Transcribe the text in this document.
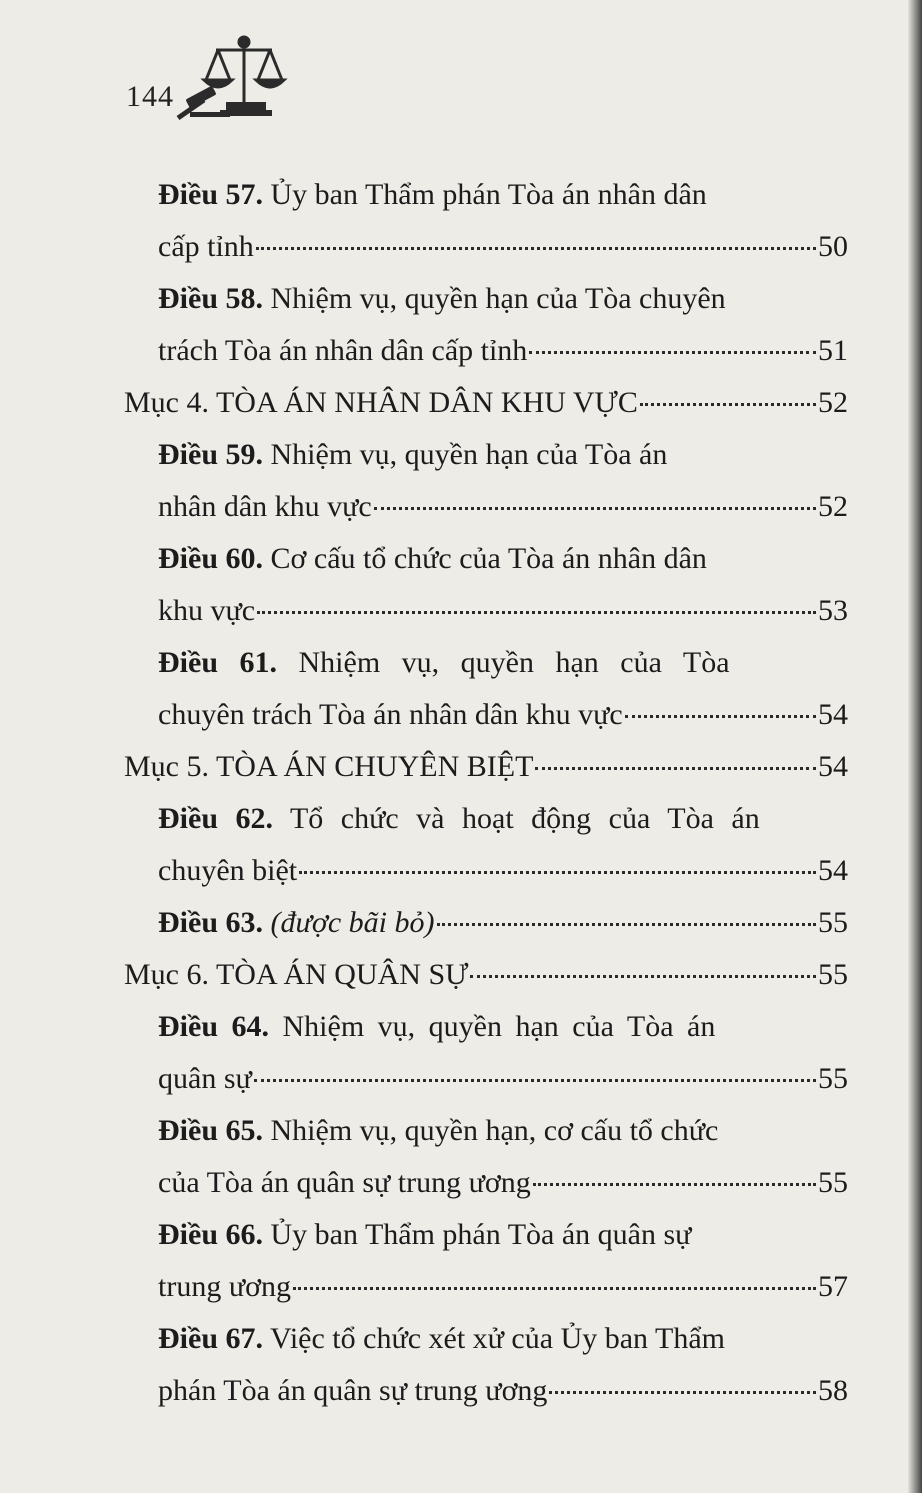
144
Điều 57. Ủy ban Thẩm phán Tòa án nhân dân
cấp tỉnh	50
Điều 58. Nhiệm vụ, quyền hạn của Tòa chuyên
trách Tòa án nhân dân cấp tỉnh	51
Mục 4. TÒA ÁN NHÂN DÂN KHU VỰC	52
Điều 59. Nhiệm vụ, quyền hạn của Tòa án
nhân dân khu vực	52
Điều 60. Cơ cấu tổ chức của Tòa án nhân dân
khu vực	53
Điều 61. Nhiệm vụ, quyền hạn của Tòa
chuyên trách Tòa án nhân dân khu vực	54
Mục 5. TÒA ÁN CHUYÊN BIỆT	54
Điều 62. Tổ chức và hoạt động của Tòa án
chuyên biệt	54
Điều 63. (được bãi bỏ)	55
Mục 6. TÒA ÁN QUÂN SỰ	55
Điều 64. Nhiệm vụ, quyền hạn của Tòa án
quân sự	55
Điều 65. Nhiệm vụ, quyền hạn, cơ cấu tổ chức
của Tòa án quân sự trung ương	55
Điều 66. Ủy ban Thẩm phán Tòa án quân sự
trung ương	57
Điều 67. Việc tổ chức xét xử của Ủy ban Thẩm
phán Tòa án quân sự trung ương	58
